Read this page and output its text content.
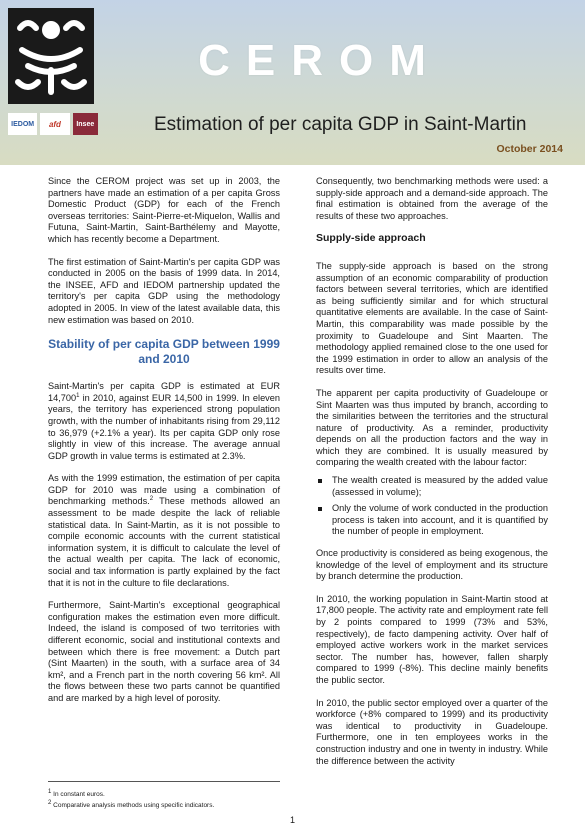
IEDOM	afd	Insee
CEROM
Estimation of per capita GDP in Saint-Martin
October 2014

Since the CEROM project was set up in 2003, the partners have made an estimation of a per capita Gross Domestic Product (GDP) for each of the French overseas territories: Saint-Pierre-et-Miquelon, Wallis and Futuna, Saint-Martin, Saint-Barthélemy and Mayotte, which has recently become a Department.

The first estimation of Saint-Martin's per capita GDP was conducted in 2005 on the basis of 1999 data. In 2014, the INSEE, AFD and IEDOM partnership updated the territory's per capita GDP using the methodology adopted in 2005. In view of the latest available data, this new estimation was based on 2010.

Stability of per capita GDP between 1999 and 2010

Saint-Martin's per capita GDP is estimated at EUR 14,700$^1$ in 2010, against EUR 14,500 in 1999. In eleven years, the territory has experienced strong population growth, with the number of inhabitants rising from 29,112 to 36,979 (+2.1% a year). Its per capita GDP only rose slightly in view of this increase. The average annual GDP growth in value terms is estimated at 2.3%.

As with the 1999 estimation, the estimation of per capita GDP for 2010 was made using a combination of benchmarking methods.$^2$ These methods allowed an assessment to be made despite the lack of reliable statistical data. In Saint-Martin, as it is not possible to compile economic accounts with the current statistical information system, it is difficult to calculate the level of the actual wealth per capita. The lack of economic, social and tax information is partly explained by the fact that it is not in the culture to file declarations.

Furthermore, Saint-Martin's exceptional geographical configuration makes the estimation even more difficult. Indeed, the island is composed of two territories with different economic, social and institutional contexts and between which there is free movement: a Dutch part (Sint Maarten) in the south, with a surface area of 34 km², and a French part in the north covering 56 km². All the flows between these two parts cannot be quantified and are marked by a high level of porosity.

Consequently, two benchmarking methods were used: a supply-side approach and a demand-side approach. The final estimation is obtained from the average of the results of these two approaches.

Supply-side approach

The supply-side approach is based on the strong assumption of an economic comparability of production factors between several territories, which are identified as being sufficiently similar and for which structural quantitative elements are available. In the case of Saint-Martin, this comparability was made possible by the proximity to Guadeloupe and Sint Maarten. The methodology applied remained close to the one used for the 1999 estimation in order to allow an analysis of the results over time.

The apparent per capita productivity of Guadeloupe or Sint Maarten was thus imputed by branch, according to the similarities between the territories and the structural nature of productivity. As a reminder, productivity depends on all the production factors and the way in which they are combined. It is usually measured by comparing the wealth created with the labour factor:

The wealth created is measured by the added value (assessed in volume);
Only the volume of work conducted in the production process is taken into account, and it is quantified by the number of people in employment.

Once productivity is considered as being exogenous, the knowledge of the level of employment and its structure by branch determine the production.

In 2010, the working population in Saint-Martin stood at 17,800 people. The activity rate and employment rate fell by 2 points compared to 1999 (73% and 53%, respectively), de facto dampening activity. Over half of employed active workers work in the market services sector. The number has, however, fallen sharply compared to 1999 (-8%). This decline mainly benefits the public sector.

In 2010, the public sector employed over a quarter of the workforce (+8% compared to 1999) and its productivity was identical to productivity in Guadeloupe. Furthermore, one in ten employees works in the construction industry and one in twenty in industry. While the difference between the activity

$^1$ In constant euros.
$^2$ Comparative analysis methods using specific indicators.
1
